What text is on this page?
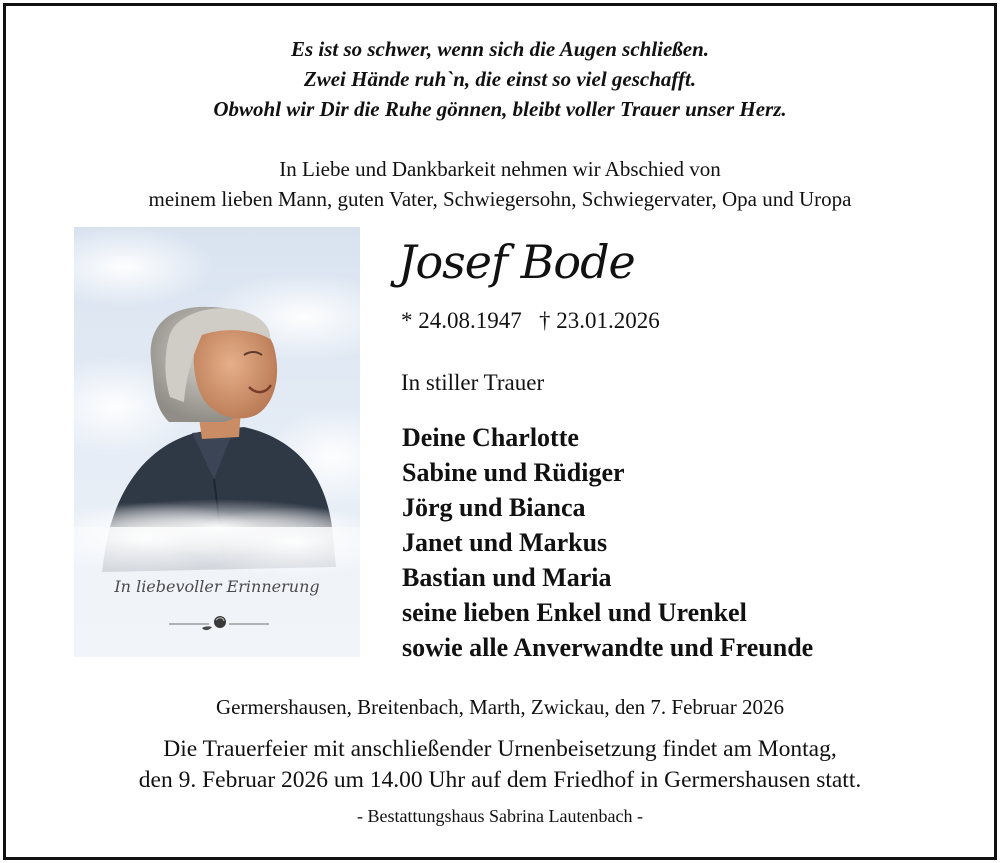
Es ist so schwer, wenn sich die Augen schließen.
Zwei Hände ruh`n, die einst so viel geschafft.
Obwohl wir Dir die Ruhe gönnen, bleibt voller Trauer unser Herz.
In Liebe und Dankbarkeit nehmen wir Abschied von
meinem lieben Mann, guten Vater, Schwiegersohn, Schwiegervater, Opa und Uropa
In liebevoller Erinnerung
Josef Bode
* 24.08.1947 † 23.01.2026
In stiller Trauer
Deine Charlotte
Sabine und Rüdiger
Jörg und Bianca
Janet und Markus
Bastian und Maria
seine lieben Enkel und Urenkel
sowie alle Anverwandte und Freunde
Germershausen, Breitenbach, Marth, Zwickau, den 7. Februar 2026
Die Trauerfeier mit anschließender Urnenbeisetzung findet am Montag,
den 9. Februar 2026 um 14.00 Uhr auf dem Friedhof in Germershausen statt.
- Bestattungshaus Sabrina Lautenbach -
